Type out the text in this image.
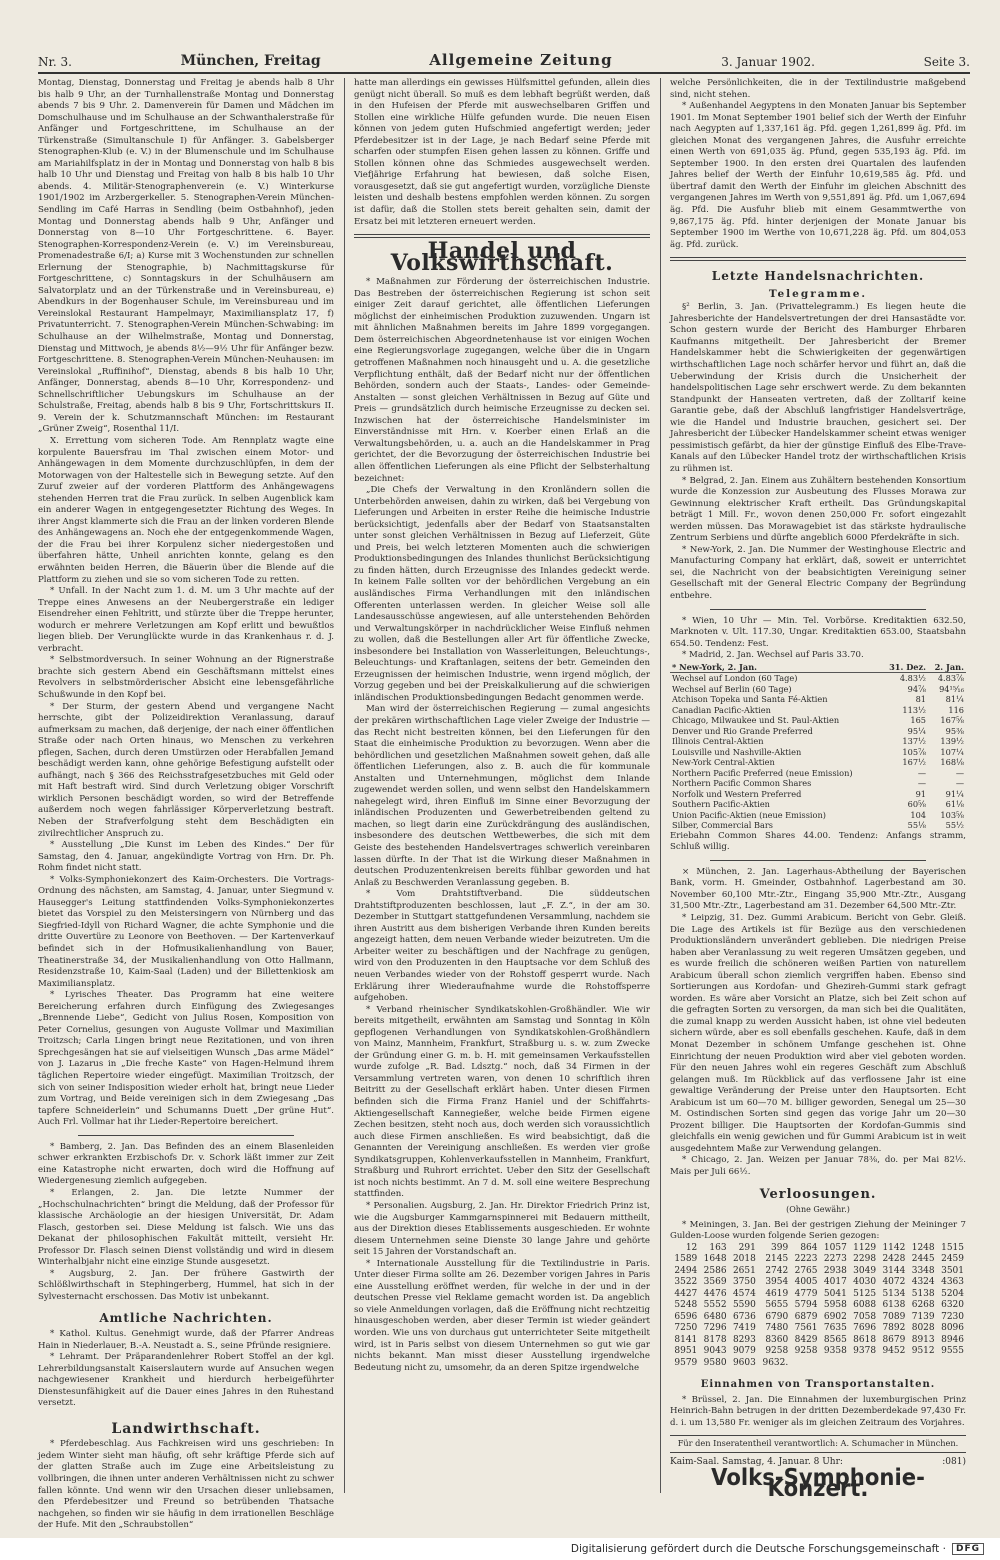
Nr. 3.	München, Freitag	Allgemeine Zeitung	3. Januar 1902.	Seite 3.

Montag, Dienstag, Donnerstag und Freitag je abends halb 8 Uhr bis halb 9 Uhr, an der Turnhallenstraße Montag und Donnerstag abends 7 bis 9 Uhr. 2. Damenverein für Damen und Mädchen im Domschulhause und im Schulhause an der Schwanthalerstraße für Anfänger und Fortgeschrittene, im Schulhause an der Türkenstraße (Simultanschule I) für Anfänger. 3. Gabelsberger Stenographen-Klub (e. V.) in der Blumenschule und im Schulhause am Mariahilfsplatz in der in Montag und Donnerstag von halb 8 bis halb 10 Uhr und Dienstag und Freitag von halb 8 bis halb 10 Uhr abends. 4. Militär-Stenographenverein (e. V.) Winterkurse 1901/1902 im Arzbergerkeller. 5. Stenographen-Verein München-Sendling im Café Harras in Sendling (beim Ostbahnhof), jeden Montag und Donnerstag abends halb 9 Uhr, Anfänger und Donnerstag von 8—10 Uhr Fortgeschrittene. 6. Bayer. Stenographen-Korrespondenz-Verein (e. V.) im Vereinsbureau, Promenadestraße 6/I; a) Kurse mit 3 Wochenstunden zur schnellen Erlernung der Stenographie, b) Nachmittagskurse für Fortgeschrittene, c) Sonntagskurs in der Schulhäusern am Salvatorplatz und an der Türkenstraße und in Vereinsbureau, e) Abendkurs in der Bogenhauser Schule, im Vereinsbureau und im Vereinslokal Restaurant Hampelmayr, Maximiliansplatz 17, f) Privatunterricht. 7. Stenographen-Verein München-Schwabing: im Schulhause an der Wilhelmstraße, Montag und Donnerstag, Dienstag und Mittwoch, je abends 8½—9½ Uhr für Anfänger bezw. Fortgeschrittene. 8. Stenographen-Verein München-Neuhausen: im Vereinslokal „Ruffinihof“, Dienstag, abends 8 bis halb 10 Uhr, Anfänger, Donnerstag, abends 8—10 Uhr, Korrespondenz- und Schnellschriftlicher Uebungskurs im Schulhause an der Schulstraße, Freitag, abends halb 8 bis 9 Uhr, Fortschrittskurs II. 9. Verein der k. Schutzmannschaft München: im Restaurant „Grüner Zweig“, Rosenthal 11/I.

X. Errettung vom sicheren Tode. Am Rennplatz wagte eine korpulente Bauersfrau im Thal zwischen einem Motor- und Anhängewagen in dem Momente durchzuschlüpfen, in dem der Motorwagen von der Haltestelle sich in Bewegung setzte. Auf den Zuruf zweier auf der vorderen Plattform des Anhängewagens stehenden Herren trat die Frau zurück. In selben Augenblick kam ein anderer Wagen in entgegengesetzter Richtung des Weges. In ihrer Angst klammerte sich die Frau an der linken vorderen Blende des Anhängewagens an. Noch ehe der entgegenkommende Wagen, der die Frau bei ihrer Korpulenz sicher niedergestoßen und überfahren hätte, Unheil anrichten konnte, gelang es den erwähnten beiden Herren, die Bäuerin über die Blende auf die Plattform zu ziehen und sie so vom sicheren Tode zu retten.

* Unfall. In der Nacht zum 1. d. M. um 3 Uhr machte auf der Treppe eines Anwesens an der Neubergerstraße ein lediger Eisendreher einen Fehltritt, und stürzte über die Treppe herunter, wodurch er mehrere Verletzungen am Kopf erlitt und bewußtlos liegen blieb. Der Verunglückte wurde in das Krankenhaus r. d. J. verbracht.

* Selbstmordversuch. In seiner Wohnung an der Rignerstraße brachte sich gestern Abend ein Geschäftsmann mittelst eines Revolvers in selbstmörderischer Absicht eine lebensgefährliche Schußwunde in den Kopf bei.

* Der Sturm, der gestern Abend und vergangene Nacht herrschte, gibt der Polizeidirektion Veranlassung, darauf aufmerksam zu machen, daß derjenige, der nach einer öffentlichen Straße oder nach Orten hinaus, wo Menschen zu verkehren pflegen, Sachen, durch deren Umstürzen oder Herabfallen Jemand beschädigt werden kann, ohne gehörige Befestigung aufstellt oder aufhängt, nach § 366 des Reichsstrafgesetzbuches mit Geld oder mit Haft bestraft wird. Sind durch Verletzung obiger Vorschrift wirklich Personen beschädigt worden, so wird der Betreffende außerdem noch wegen fahrlässiger Körperverletzung bestraft. Neben der Strafverfolgung steht dem Beschädigten ein zivilrechtlicher Anspruch zu.

* Ausstellung „Die Kunst im Leben des Kindes.“ Der für Samstag, den 4. Januar, angekündigte Vortrag von Hrn. Dr. Ph. Rohm findet nicht statt.

* Volks-Symphoniekonzert des Kaim-Orchesters. Die Vortrags-Ordnung des nächsten, am Samstag, 4. Januar, unter Siegmund v. Hausegger's Leitung stattfindenden Volks-Symphoniekonzertes bietet das Vorspiel zu den Meistersingern von Nürnberg und das Siegfried-Idyll von Richard Wagner, die achte Symphonie und die dritte Ouvertüre zu Leonore von Beethoven. — Der Kartenverkauf befindet sich in der Hofmusikalienhandlung von Bauer, Theatinerstraße 34, der Musikalienhandlung von Otto Hallmann, Residenzstraße 10, Kaim-Saal (Laden) und der Billettenkiosk am Maximiliansplatz.

* Lyrisches Theater. Das Programm hat eine weitere Bereicherung erfahren durch Einfügung des Zwiegesanges „Brennende Liebe“, Gedicht von Julius Rosen, Komposition von Peter Cornelius, gesungen von Auguste Vollmar und Maximilian Troitzsch; Carla Lingen bringt neue Rezitationen, und von ihren Sprechgesängen hat sie auf vielseitigen Wunsch „Das arme Mädel“ von J. Lazarus in „Die freche Kaste“ von Hagen-Helmund ihrem täglichen Repertoire wieder eingefügt. Maximilian Troitzsch, der sich von seiner Indisposition wieder erholt hat, bringt neue Lieder zum Vortrag, und Beide vereinigen sich in dem Zwiegesang „Das tapfere Schneiderlein“ und Schumanns Duett „Der grüne Hut“. Auch Frl. Vollmar hat ihr Lieder-Repertoire bereichert.

* Bamberg, 2. Jan. Das Befinden des an einem Blasenleiden schwer erkrankten Erzbischofs Dr. v. Schork läßt immer zur Zeit eine Katastrophe nicht erwarten, doch wird die Hoffnung auf Wiedergenesung ziemlich aufgegeben.

* Erlangen, 2. Jan. Die letzte Nummer der „Hochschulnachrichten“ bringt die Meldung, daß der Professor für klassische Archäologie an der hiesigen Universität, Dr. Adam Flasch, gestorben sei. Diese Meldung ist falsch. Wie uns das Dekanat der philosophischen Fakultät mitteilt, versieht Hr. Professor Dr. Flasch seinen Dienst vollständig und wird in diesem Winterhalbjahr nicht eine einzige Stunde ausgesetzt.

* Augsburg, 2. Jan. Der frühere Gastwirth der Schlößlwirthschaft in Stephingerberg, Hummel, hat sich in der Sylvesternacht erschossen. Das Motiv ist unbekannt.

Amtliche Nachrichten.

* Kathol. Kultus. Genehmigt wurde, daß der Pfarrer Andreas Hain in Niederlauer, B.-A. Neustadt a. S., seine Pfründe resigniere.

* Lehramt. Der Präparandenlehrer Robert Stoffel an der kgl. Lehrerbildungsanstalt Kaiserslautern wurde auf Ansuchen wegen nachgewiesener Krankheit und hierdurch herbeigeführter Dienstesunfähigkeit auf die Dauer eines Jahres in den Ruhestand versetzt.

Landwirthschaft.

* Pferdebeschlag. Aus Fachkreisen wird uns geschrieben: In jedem Winter sieht man häufig, oft sehr kräftige Pferde sich auf der glatten Straße auch im Zuge eine Arbeitsleistung zu vollbringen, die ihnen unter anderen Verhältnissen nicht zu schwer fallen könnte. Und wenn wir den Ursachen dieser unliebsamen, den Pferdebesitzer und Freund so betrübenden Thatsache nachgehen, so finden wir sie häufig in dem irrationellen Beschläge der Hufe. Mit den „Schraubstollen“

hatte man allerdings ein gewisses Hülfsmittel gefunden, allein dies genügt nicht überall. So muß es dem lebhaft begrüßt werden, daß in den Hufeisen der Pferde mit auswechselbaren Griffen und Stollen eine wirkliche Hülfe gefunden wurde. Die neuen Eisen können von jedem guten Hufschmied angefertigt werden; jeder Pferdebesitzer ist in der Lage, je nach Bedarf seine Pferde mit scharfen oder stumpfen Eisen gehen lassen zu können. Griffe und Stollen können ohne das Schmiedes ausgewechselt werden. Viefjährige Erfahrung hat bewiesen, daß solche Eisen, vorausgesetzt, daß sie gut angefertigt wurden, vorzügliche Dienste leisten und deshalb bestens empfohlen werden können. Zu sorgen ist dafür, daß die Stollen stets bereit gehalten sein, damit der Ersatz bei mit letzteren erneuert werden.

Handel und Volkswirthschaft.

* Maßnahmen zur Förderung der österreichischen Industrie. Das Bestreben der österreichischen Regierung ist schon seit einiger Zeit darauf gerichtet, alle öffentlichen Lieferungen möglichst der einheimischen Produktion zuzuwenden. Ungarn ist mit ähnlichen Maßnahmen bereits im Jahre 1899 vorgegangen. Dem österreichischen Abgeordnetenhause ist vor einigen Wochen eine Regierungsvorlage zugegangen, welche über die in Ungarn getroffenen Maßnahmen noch hinausgeht und u. A. die gesetzliche Verpflichtung enthält, daß der Bedarf nicht nur der öffentlichen Behörden, sondern auch der Staats-, Landes- oder Gemeinde-Anstalten — sonst gleichen Verhältnissen in Bezug auf Güte und Preis — grundsätzlich durch heimische Erzeugnisse zu decken sei. Inzwischen hat der österreichische Handelsminister im Einverständnisse mit Hrn. v. Koerber einen Erlaß an die Verwaltungsbehörden, u. a. auch an die Handelskammer in Prag gerichtet, der die Bevorzugung der österreichischen Industrie bei allen öffentlichen Lieferungen als eine Pflicht der Selbsterhaltung bezeichnet:

„Die Chefs der Verwaltung in den Kronländern sollen die Unterbehörden anweisen, dahin zu wirken, daß bei Vergebung von Lieferungen und Arbeiten in erster Reihe die heimische Industrie berücksichtigt, jedenfalls aber der Bedarf von Staatsanstalten unter sonst gleichen Verhältnissen in Bezug auf Lieferzeit, Güte und Preis, bei welch letzteren Momenten auch die schwierigen Produktionsbedingungen des Inlandes thunlichst Berücksichtigung zu finden hätten, durch Erzeugnisse des Inlandes gedeckt werde. In keinem Falle sollten vor der behördlichen Vergebung an ein ausländisches Firma Verhandlungen mit den inländischen Offerenten unterlassen werden. In gleicher Weise soll alle Landesausschüsse angewiesen, auf alle unterstehenden Behörden und Verwaltungskörper in nachdrücklicher Weise Einfluß nehmen zu wollen, daß die Bestellungen aller Art für öffentliche Zwecke, insbesondere bei Installation von Wasserleitungen, Beleuchtungs-, Beleuchtungs- und Kraftanlagen, seitens der betr. Gemeinden den Erzeugnissen der heimischen Industrie, wenn irgend möglich, der Vorzug gegeben und bei der Preiskalkulierung auf die schwierigen inländischen Produktionsbedingungen Bedacht genommen werde.

Man wird der österreichischen Regierung — zumal angesichts der prekären wirthschaftlichen Lage vieler Zweige der Industrie — das Recht nicht bestreiten können, bei den Lieferungen für den Staat die einheimische Produktion zu bevorzugen. Wenn aber die behördlichen und gesetzlichen Maßnahmen soweit gehen, daß alle öffentlichen Lieferungen, also z. B. auch die für kommunale Anstalten und Unternehmungen, möglichst dem Inlande zugewendet werden sollen, und wenn selbst den Handelskammern nahegelegt wird, ihren Einfluß im Sinne einer Bevorzugung der inländischen Produzenten und Gewerbetreibenden geltend zu machen, so liegt darin eine Zurückdrängung des ausländischen, insbesondere des deutschen Wettbewerbes, die sich mit dem Geiste des bestehenden Handelsvertrages schwerlich vereinbaren lassen dürfte. In der That ist die Wirkung dieser Maßnahmen in deutschen Produzentenkreisen bereits fühlbar geworden und hat Anlaß zu Beschwerden Veranlassung gegeben. B.

* Vom Drahtstiftverband. Die süddeutschen Drahtstiftproduzenten beschlossen, laut „F. Z.“, in der am 30. Dezember in Stuttgart stattgefundenen Versammlung, nachdem sie ihren Austritt aus dem bisherigen Verbande ihren Kunden bereits angezeigt hatten, dem neuen Verbande wieder beizutreten. Um die Arbeiter weiter zu beschäftigen und der Nachfrage zu genügen, wird von den Produzenten in den Hauptsache vor dem Schluß des neuen Verbandes wieder von der Rohstoff gesperrt wurde. Nach Erklärung ihrer Wiederaufnahme wurde die Rohstoffsperre aufgehoben.

* Verband rheinischer Syndikatskohlen-Großhändler. Wie wir bereits mitgetheilt, erwähnten am Samstag und Sonntag in Köln gepflogenen Verhandlungen von Syndikatskohlen-Großhändlern von Mainz, Mannheim, Frankfurt, Straßburg u. s. w. zum Zwecke der Gründung einer G. m. b. H. mit gemeinsamen Verkaufsstellen wurde zufolge „R. Bad. Ldsztg.“ noch, daß 34 Firmen in der Versammlung vertreten waren, von denen 10 schriftlich ihren Beitritt zu der Gesellschaft erklärt haben. Unter diesen Firmen befinden sich die Firma Franz Haniel und der Schiffahrts-Aktiengesellschaft Kannegießer, welche beide Firmen eigene Zechen besitzen, steht noch aus, doch werden sich voraussichtlich auch diese Firmen anschließen. Es wird beabsichtigt, daß die Genannten der Vereinigung anschließen. Es werden vier große Syndikatsgruppen, Kohlenverkaufsstellen in Mannheim, Frankfurt, Straßburg und Ruhrort errichtet. Ueber den Sitz der Gesellschaft ist noch nichts bestimmt. An 7 d. M. soll eine weitere Besprechung stattfinden.

* Personalien. Augsburg, 2. Jan. Hr. Direktor Friedrich Prinz ist, wie die Augsburger Kammgarnspinnerei mit Bedauern mittheilt, aus der Direktion dieses Etablissements ausgeschieden. Er wohnte diesem Unternehmen seine Dienste 30 lange Jahre und gehörte seit 15 Jahren der Vorstandschaft an.

* Internationale Ausstellung für die Textilindustrie in Paris. Unter dieser Firma sollte am 26. Dezember vorigen Jahres in Paris eine Ausstellung eröffnet werden, für welche in der und in der deutschen Presse viel Reklame gemacht worden ist. Da angeblich so viele Anmeldungen vorlagen, daß die Eröffnung nicht rechtzeitig hinausgeschoben werden, aber dieser Termin ist wieder geändert worden. Wie uns von durchaus gut unterrichteter Seite mitgetheilt wird, ist in Paris selbst von diesem Unternehmen so gut wie gar nichts bekannt. Man misst dieser Ausstellung irgendwelche Bedeutung nicht zu, umsomehr, da an deren Spitze irgendwelche

welche Persönlichkeiten, die in der Textilindustrie maßgebend sind, nicht stehen.

* Außenhandel Aegyptens in den Monaten Januar bis September 1901. Im Monat September 1901 belief sich der Werth der Einfuhr nach Aegypten auf 1,337,161 äg. Pfd. gegen 1,261,899 äg. Pfd. im gleichen Monat des vergangenen Jahres, die Ausfuhr erreichte einen Werth von 691,035 äg. Pfund, gegen 535,193 äg. Pfd. im September 1900. In den ersten drei Quartalen des laufenden Jahres belief der Werth der Einfuhr 10,619,585 äg. Pfd. und übertraf damit den Werth der Einfuhr im gleichen Abschnitt des vergangenen Jahres im Werth von 9,551,891 äg. Pfd. um 1,067,694 äg. Pfd. Die Ausfuhr blieb mit einem Gesammtwerthe von 9,867,175 äg. Pfd. hinter derjenigen der Monate Januar bis September 1900 im Werthe von 10,671,228 äg. Pfd. um 804,053 äg. Pfd. zurück.

Letzte Handelsnachrichten.
Telegramme.

§² Berlin, 3. Jan. (Privattelegramm.) Es liegen heute die Jahresberichte der Handelsvertretungen der drei Hansastädte vor. Schon gestern wurde der Bericht des Hamburger Ehrbaren Kaufmanns mitgetheilt. Der Jahresbericht der Bremer Handelskammer hebt die Schwierigkeiten der gegenwärtigen wirthschaftlichen Lage noch schärfer hervor und führt an, daß die Ueberwindung der Krisis durch die Unsicherheit der handelspolitischen Lage sehr erschwert werde. Zu dem bekannten Standpunkt der Hanseaten vertreten, daß der Zolltarif keine Garantie gebe, daß der Abschluß langfristiger Handelsverträge, wie die Handel und Industrie brauchen, gesichert sei. Der Jahresbericht der Lübecker Handelskammer scheint etwas weniger pessimistisch gefärbt, da hier der günstige Einfluß des Elbe-Trave-Kanals auf den Lübecker Handel trotz der wirthschaftlichen Krisis zu rühmen ist.

* Belgrad, 2. Jan. Einem aus Zuhältern bestehenden Konsortium wurde die Konzession zur Ausbeutung des Flusses Morawa zur Gewinnung elektrischer Kraft ertheilt. Das Gründungskapital beträgt 1 Mill. Fr., wovon denen 250,000 Fr. sofort eingezahlt werden müssen. Das Morawagebiet ist das stärkste hydraulische Zentrum Serbiens und dürfte angeblich 6000 Pferdekräfte in sich.

* New-York, 2. Jan. Die Nummer der Westinghouse Electric and Manufacturing Company hat erklärt, daß, soweit er unterrichtet sei, die Nachricht von der beabsichtigten Vereinigung seiner Gesellschaft mit der General Electric Company der Begründung entbehre.

* Wien, 10 Uhr — Min. Tel. Vorbörse. Kreditaktien 632.50, Marknoten v. Ult. 117.30, Ungar. Kreditaktien 653.00, Staatsbahn 654.50. Tendenz: Fest.

* Madrid, 2. Jan. Wechsel auf Paris 33.70.

* New-York, 2. Jan.	31. Dez.	2. Jan.
Wechsel auf London (60 Tage)	4.83½	4.83⅞
Wechsel auf Berlin (60 Tage)	94⅞	94¹⁵⁄₁₆
Atchison Topeka und Santa Fé-Aktien	81	81¼
Canadian Pacific-Aktien	113½	116
Chicago, Milwaukee und St. Paul-Aktien	165	167⅝
Denver und Rio Grande Preferred	95¼	95⅜
Illinois Central-Aktien	137½	139½
Louisville und Nashville-Aktien	105⅞	107¼
New-York Central-Aktien	167½	168⅛
Northern Pacific Preferred (neue Emission)	—	—
Northern Pacific Common Shares	—	—
Norfolk und Western Preferred	91	91¼
Southern Pacific-Aktien	60⅝	61⅛
Union Pacific-Aktien (neue Emission)	104	103⅝
Silber, Commercial Bars	55⅛	55½

Eriebahn Common Shares 44.00. Tendenz: Anfangs stramm, Schluß willig.

⨯ München, 2. Jan. Lagerhaus-Abtheilung der Bayerischen Bank, vorm. H. Gmeinder, Ostbahnhof. Lagerbestand am 30. November 60,100 Mtr.-Ztr., Eingang 35,900 Mtr.-Ztr., Ausgang 31,500 Mtr.-Ztr., Lagerbestand am 31. Dezember 64,500 Mtr.-Ztr.

* Leipzig, 31. Dez. Gummi Arabicum. Bericht von Gebr. Gleiß. Die Lage des Artikels ist für Bezüge aus den verschiedenen Produktionsländern unverändert geblieben. Die niedrigen Preise haben aber Veranlassung zu weit regeren Umsätzen gegeben, und es wurde freilich die schöneren weißen Partien von naturellem Arabicum überall schon ziemlich vergriffen haben. Ebenso sind Sortierungen aus Kordofan- und Ghezireh-Gummi stark gefragt worden. Es wäre aber Vorsicht an Platze, sich bei Zeit schon auf die gefragten Sorten zu versorgen, da man sich bei die Qualitäten, die zumal knapp zu werden Aussicht haben, ist ohne viel bedeuten sichern würde, aber es soll ebenfalls geschehen. Kaufe, daß in dem Monat Dezember in schönem Umfange geschehen ist. Ohne Einrichtung der neuen Produktion wird aber viel geboten worden. Für den neuen Jahres wohl ein regeres Geschäft zum Abschluß gelangen muß. Im Rückblick auf das verflossene Jahr ist eine gewaltige Veränderung der Preise unter den Hauptsorten. Echt Arabicum ist um 60—70 M. billiger geworden, Senegal um 25—30 M. Ostindischen Sorten sind gegen das vorige Jahr um 20—30 Prozent billiger. Die Hauptsorten der Kordofan-Gummis sind gleichfalls ein wenig gewichen und für Gummi Arabicum ist in weit ausgedehntem Maße zur Verwendung gelangen.

* Chicago, 2. Jan. Weizen per Januar 78⅜, do. per Mai 82½. Mais per Juli 66½.

Verloosungen.
(Ohne Gewähr.)

* Meiningen, 3. Jan. Bei der gestrigen Ziehung der Meininger 7 Gulden-Loose wurden folgende Serien gezogen:

12	163	291	399	864	1057	1129	1142	1248	1515
1589	1648	2018	2145	2223	2273	2298	2428	2445	2459
2494	2586	2651	2742	2765	2938	3049	3144	3348	3501
3522	3569	3750	3954	4005	4017	4030	4072	4324	4363
4427	4476	4574	4619	4779	5041	5125	5134	5138	5204
5248	5552	5590	5655	5794	5958	6088	6138	6268	6320
6596	6480	6736	6790	6879	6902	7058	7089	7139	7230
7250	7296	7419	7480	7561	7635	7696	7892	8028	8096
8141	8178	8293	8360	8429	8565	8618	8679	8913	8946
8951	9043	9079	9258	9258	9358	9378	9452	9512	9555
9579	9580	9603	9632.						
Einnahmen von Transportanstalten.

* Brüssel, 2. Jan. Die Einnahmen der luxemburgischen Prinz Heinrich-Bahn betrugen in der dritten Dezemberdekade 97,430 Fr. d. i. um 13,580 Fr. weniger als im gleichen Zeitraum des Vorjahres.

Für den Inseratentheil verantwortlich: A. Schumacher in München.
Kaim-Saal. Samstag, 4. Januar. 8 Uhr:	:081)
Volks-Symphonie-Konzert.
Digitalisierung gefördert durch die Deutsche Forschungsgemeinschaft ·	DFG
